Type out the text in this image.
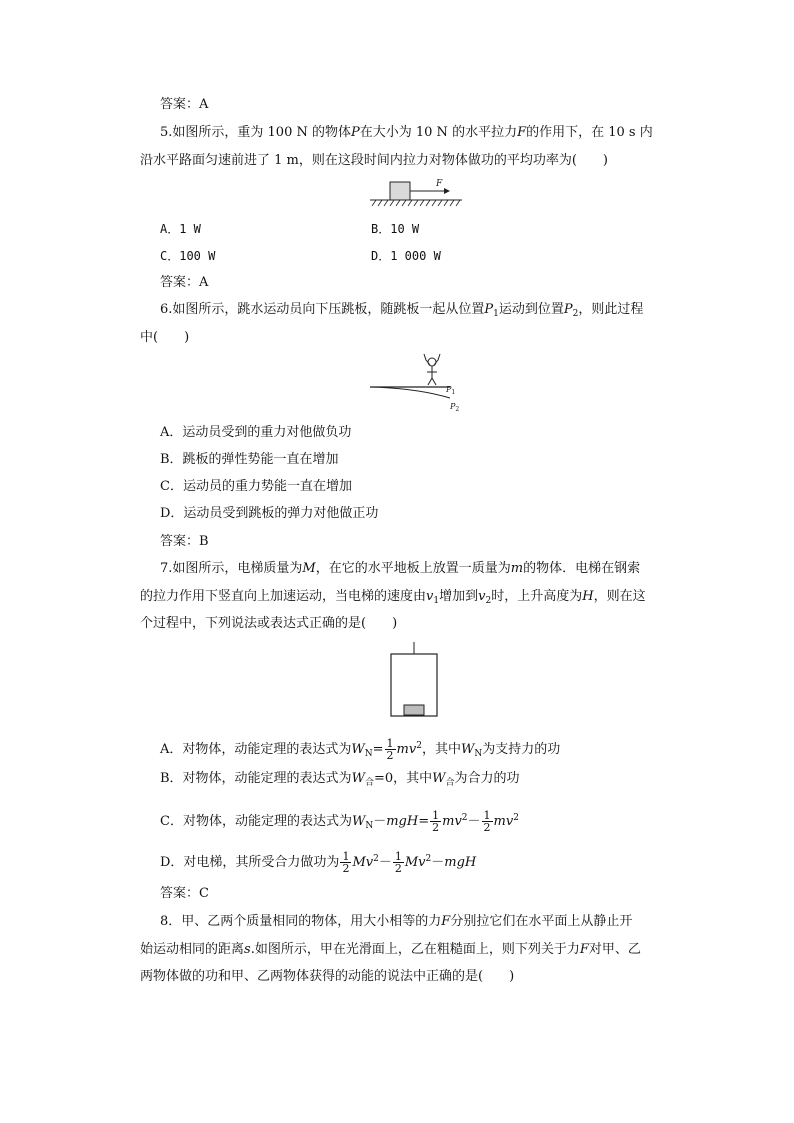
答案：A
5.如图所示，重为 100 N 的物体P在大小为 10 N 的水平拉力F的作用下，在 10 s 内
沿水平路面匀速前进了 1 m，则在这段时间内拉力对物体做功的平均功率为(　　)
F
A．1 W	B．10 W
C．100 W	D．1 000 W
答案：A
6.如图所示，跳水运动员向下压跳板，随跳板一起从位置$P_1$运动到位置$P_2$，则此过程
中(　　)
$P_1$
$P_2$
A．运动员受到的重力对他做负功
B．跳板的弹性势能一直在增加
C．运动员的重力势能一直在增加
D．运动员受到跳板的弹力对他做正功
答案：B
7.如图所示，电梯质量为M，在它的水平地板上放置一质量为m的物体．电梯在钢索
的拉力作用下竖直向上加速运动，当电梯的速度由$v_1$增加到$v_2$时，上升高度为H，则在这
个过程中，下列说法或表达式正确的是(　　)
A．对物体，动能定理的表达式为$W_N= \frac{1}{2} mv^2$，其中$W_N$为支持力的功
B．对物体，动能定理的表达式为$W_合=0$，其中$W_合$为合力的功
C．对物体，动能定理的表达式为$W_N-mgH= \frac{1}{2} mv^2- \frac{1}{2} mv^2$
D．对电梯，其所受合力做功为 $\frac{1}{2} Mv^2- \frac{1}{2} Mv^2-mgH$
答案：C
8．甲、乙两个质量相同的物体，用大小相等的力F分别拉它们在水平面上从静止开
始运动相同的距离s.如图所示，甲在光滑面上，乙在粗糙面上，则下列关于力F对甲、乙
两物体做的功和甲、乙两物体获得的动能的说法中正确的是(　　)
